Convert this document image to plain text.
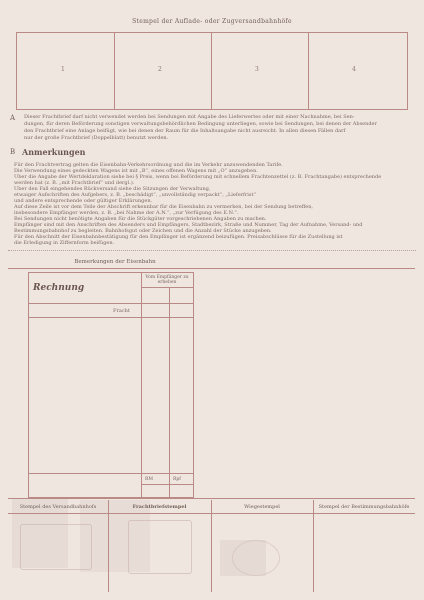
Stempel der Auflade- oder Zugversandbahnhöfe
1	2	3	4
A Dieser Frachtbrief darf nicht verwendet werden bei Sendungen mit Angabe des Lieferwertes oder mit einer Nachnahme, bei Sen-
dungen, für deren Beförderung sonstigen verwaltungsbehördlichen Bedingung unterliegen, sowie bei Sendungen, bei denen der Absender
den Frachtbrief eine Anlage beifügt, wie bei denen der Raum für die Inhaltsangabe nicht ausreicht. In allen diesen Fällen darf
nur der große Frachtbrief (Doppelblatt) benutzt werden.
B Anmerkungen
Für den Frachtvertrag gelten die Eisenbahn-Verkehrsordnung und die im Verkehr anzuwendenden Tarife.
Die Verwendung eines gedeckten Wagens ist mit „B“, eines offenen Wagens mit „O“ anzugeben.
Über die Angabe der Wertdeklaration siehe bei § Preis, wenn bei Beförderung mit schnellem Frachtenzettel (z. B. Frachtangabe) entsprechende
werden hat (z. B. „mit Frachtbrief“ und dergl.).
Über den Fall eingehendes Rückversand siehe die Sitzungen der Verwaltung,
etwaiger Aufschriften des Aufgebers, z. B. „beschädigt“, „unvollständig verpackt“, „Lieferfrist“
und andere entsprechende oder gültiger Erklärungen.
Auf diese Zeile ist vor dem Teile der Abschrift erkennbar für die Eisenbahn zu vermerken, bei der Sendung betreffen,
insbesondere Empfänger werden, z. B. „bei Nahme der A.N.“, „zur Verfügung des E.N.“.
Bei Sendungen nicht benötigte Angaben für die Stückgüter vorgeschriebenen Angaben zu machen.
Empfänger sind mit den Anschriften des Absenders und Empfängers, Stadtbezirk, Straße und Nummer, Tag der Aufnahme, Versand- und
Bestimmungsbahnhof zu begleiten. Bahnhofsgut oder Zeichen und die Anzahl der Stücke anzugeben.
Für den Abschnitt der Eisenbahnbestätigung für den Empfänger ist ergänzend beizufügen. Preisabschlüsse für die Zustellung ist
die Erledigung in Ziffernform beifügen.
Bemerkungen der Eisenbahn
Rechnung
Vom Empfänger zu erheben
Fracht
RM	Rpf
Stempel des Versandbahnhofs	Frachtbriefstempel	Wiegestempel	Stempel der Bestimmungsbahnhöfe
